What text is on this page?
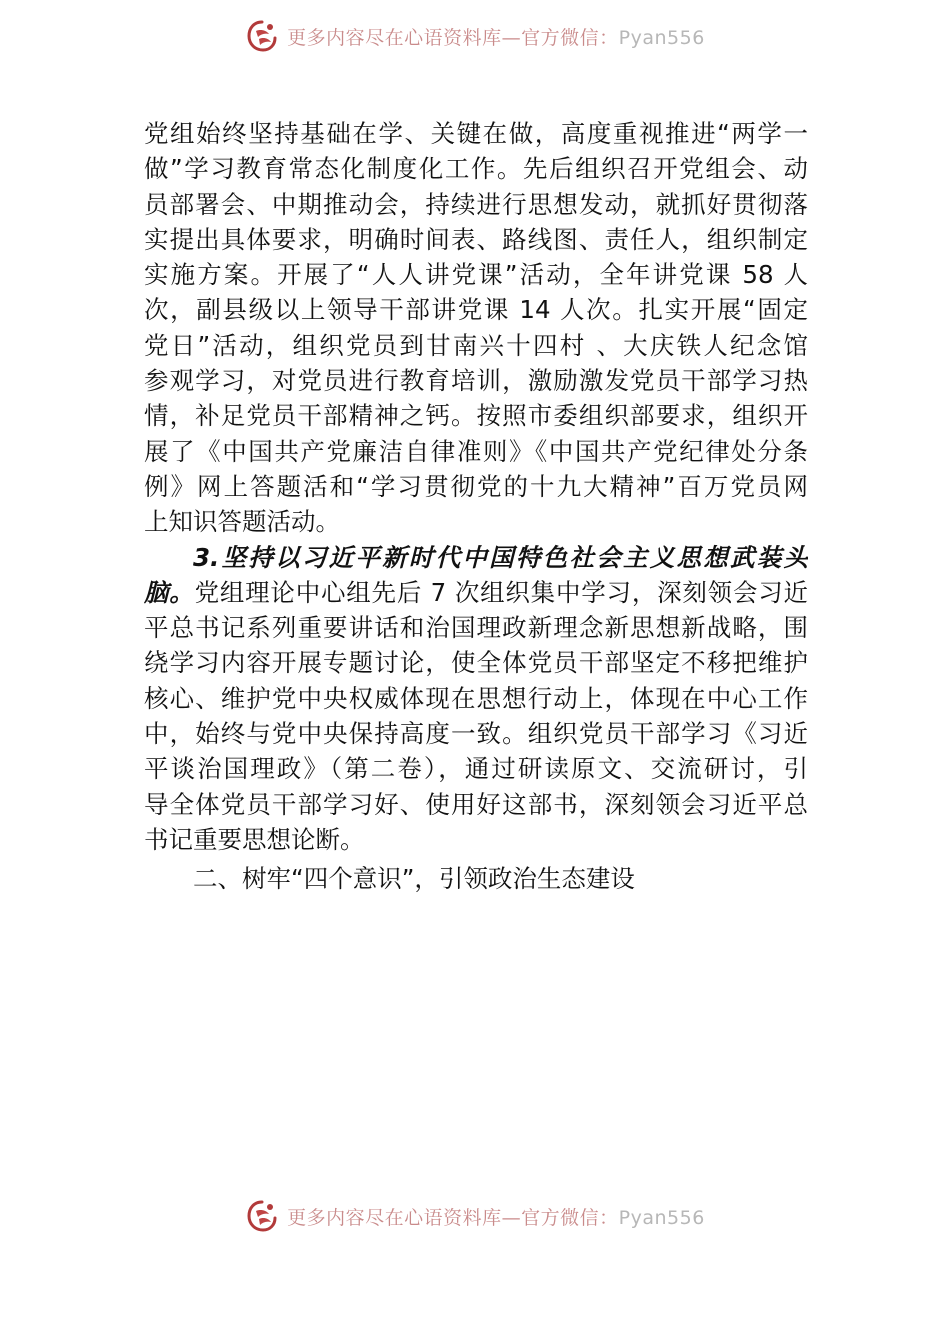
更多内容尽在心语资料库—官方微信：Pyan556
党组始终坚持基础在学、关键在做，高度重视推进“两学一
做”学习教育常态化制度化工作。先后组织召开党组会、动
员部署会、中期推动会，持续进行思想发动，就抓好贯彻落
实提出具体要求，明确时间表、路线图、责任人，组织制定
实施方案。开展了“人人讲党课”活动，全年讲党课 58 人
次，副县级以上领导干部讲党课 14 人次。扎实开展“固定
党日”活动，组织党员到甘南兴十四村 、大庆铁人纪念馆
参观学习，对党员进行教育培训，激励激发党员干部学习热
情，补足党员干部精神之钙。按照市委组织部要求，组织开
展了《中国共产党廉洁自律准则》《中国共产党纪律处分条
例》网上答题活和“学习贯彻党的十九大精神”百万党员网
上知识答题活动。
3.坚持以习近平新时代中国特色社会主义思想武装头
脑。党组理论中心组先后 7 次组织集中学习，深刻领会习近
平总书记系列重要讲话和治国理政新理念新思想新战略，围
绕学习内容开展专题讨论，使全体党员干部坚定不移把维护
核心、维护党中央权威体现在思想行动上，体现在中心工作
中，始终与党中央保持高度一致。组织党员干部学习《习近
平谈治国理政》（第二卷），通过研读原文、交流研讨，引
导全体党员干部学习好、使用好这部书，深刻领会习近平总
书记重要思想论断。
二、树牢“四个意识”，引领政治生态建设
更多内容尽在心语资料库—官方微信：Pyan556
